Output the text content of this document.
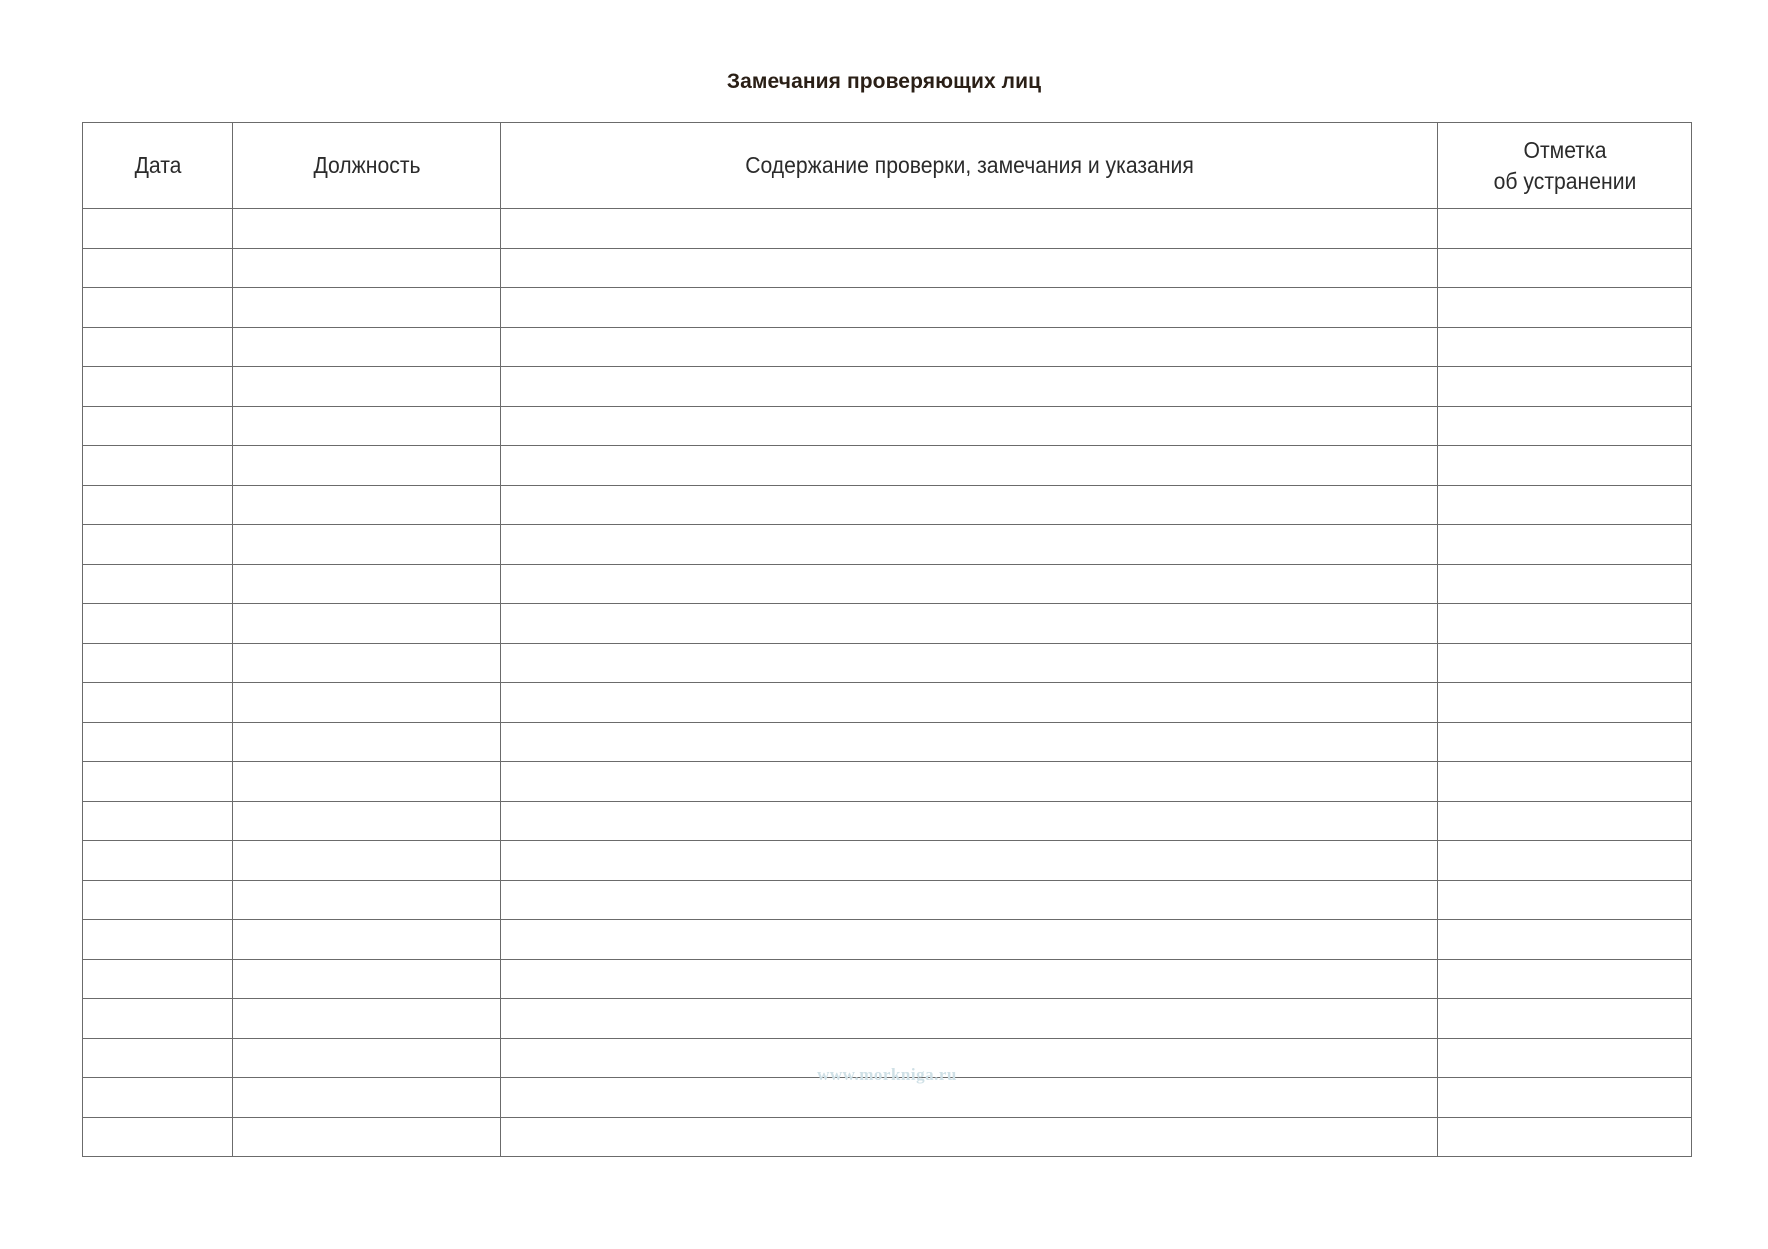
Замечания проверяющих лиц
Дата	Должность	Содержание проверки, замечания и указания	Отметка
об устранении

www.morkniga.ru
